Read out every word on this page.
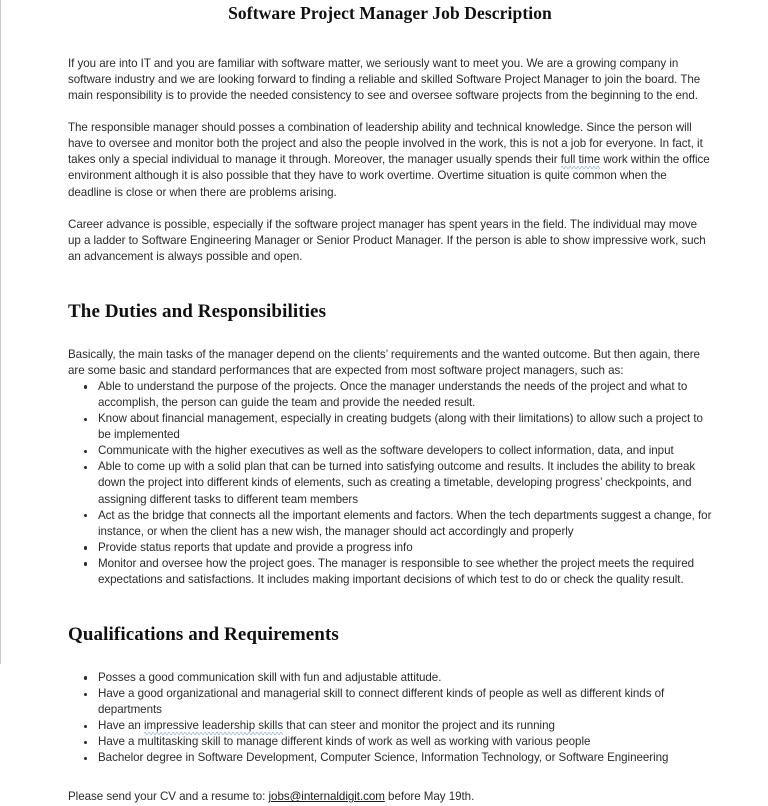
Software Project Manager Job Description

If you are into IT and you are familiar with software matter, we seriously want to meet you. We are a growing company in software industry and we are looking forward to finding a reliable and skilled Software Project Manager to join the board. The main responsibility is to provide the needed consistency to see and oversee software projects from the beginning to the end.

The responsible manager should posses a combination of leadership ability and technical knowledge. Since the person will have to oversee and monitor both the project and also the people involved in the work, this is not a job for everyone. In fact, it takes only a special individual to manage it through. Moreover, the manager usually spends their full time work within the office environment although it is also possible that they have to work overtime. Overtime situation is quite common when the deadline is close or when there are problems arising.

Career advance is possible, especially if the software project manager has spent years in the field. The individual may move up a ladder to Software Engineering Manager or Senior Product Manager. If the person is able to show impressive work, such an advancement is always possible and open.

The Duties and Responsibilities

Basically, the main tasks of the manager depend on the clients’ requirements and the wanted outcome. But then again, there are some basic and standard performances that are expected from most software project managers, such as:

Able to understand the purpose of the projects. Once the manager understands the needs of the project and what to accomplish, the person can guide the team and provide the needed result.
Know about financial management, especially in creating budgets (along with their limitations) to allow such a project to be implemented
Communicate with the higher executives as well as the software developers to collect information, data, and input
Able to come up with a solid plan that can be turned into satisfying outcome and results. It includes the ability to break down the project into different kinds of elements, such as creating a timetable, developing progress’ checkpoints, and assigning different tasks to different team members
Act as the bridge that connects all the important elements and factors. When the tech departments suggest a change, for instance, or when the client has a new wish, the manager should act accordingly and properly
Provide status reports that update and provide a progress info
Monitor and oversee how the project goes. The manager is responsible to see whether the project meets the required expectations and satisfactions. It includes making important decisions of which test to do or check the quality result.
Qualifications and Requirements
Posses a good communication skill with fun and adjustable attitude.
Have a good organizational and managerial skill to connect different kinds of people as well as different kinds of departments
Have an impressive leadership skills that can steer and monitor the project and its running
Have a multitasking skill to manage different kinds of work as well as working with various people
Bachelor degree in Software Development, Computer Science, Information Technology, or Software Engineering

Please send your CV and a resume to: jobs@internaldigit.com before May 19th.
